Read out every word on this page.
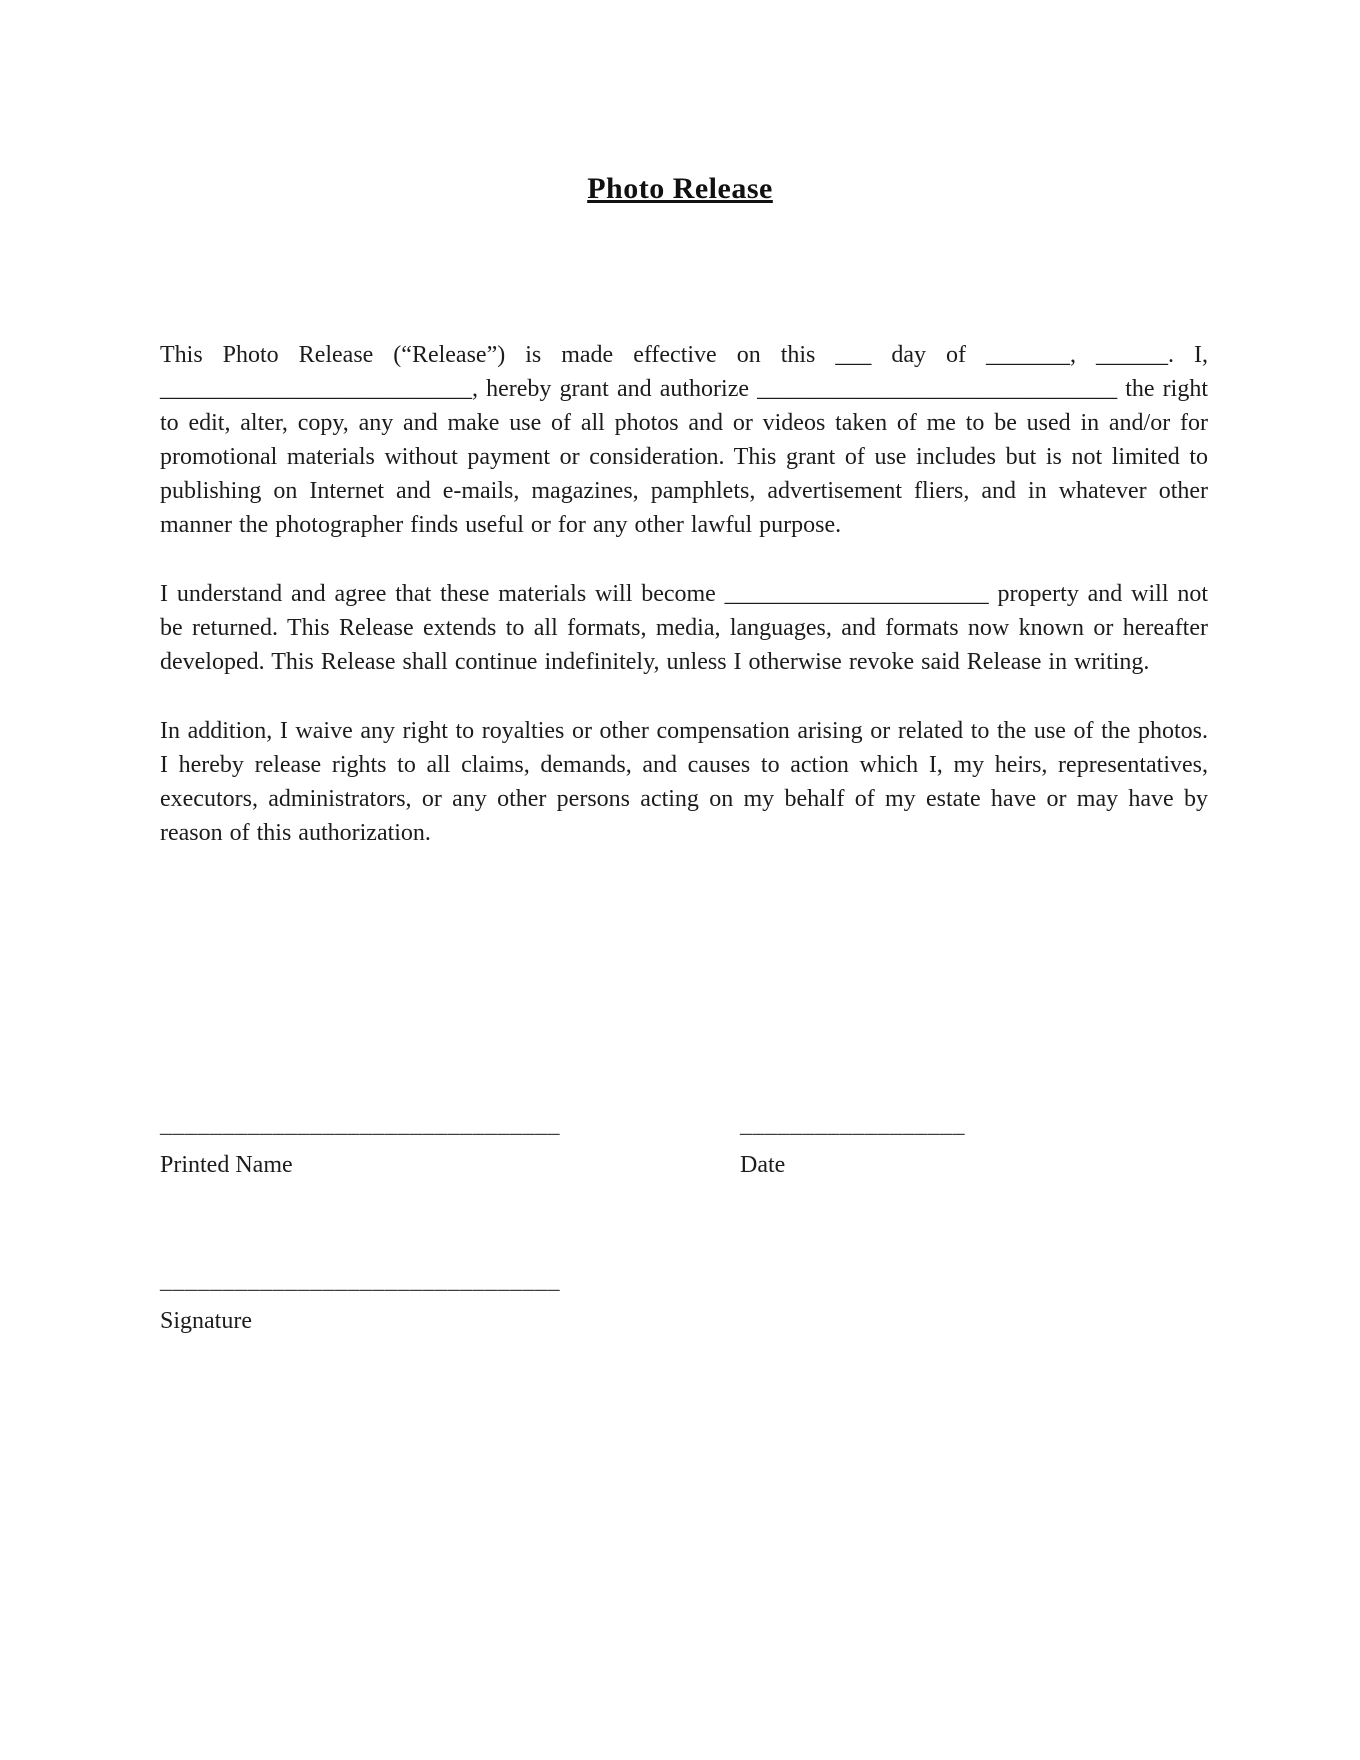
Photo Release

This Photo Release (“Release”) is made effective on this ___ day of _______, ______. I, __________________________, hereby grant and authorize ______________________________ the right to edit, alter, copy, any and make use of all photos and or videos taken of me to be used in and/or for promotional materials without payment or consideration. This grant of use includes but is not limited to publishing on Internet and e-mails, magazines, pamphlets, advertisement fliers, and in whatever other manner the photographer finds useful or for any other lawful purpose.

I understand and agree that these materials will become ______________________ property and will not be returned. This Release extends to all formats, media, languages, and formats now known or hereafter developed. This Release shall continue indefinitely, unless I otherwise revoke said Release in writing.

In addition, I waive any right to royalties or other compensation arising or related to the use of the photos. I hereby release rights to all claims, demands, and causes to action which I, my heirs, representatives, executors, administrators, or any other persons acting on my behalf of my estate have or may have by reason of this authorization.

________________________________
Printed Name
__________________
Date
________________________________
Signature
